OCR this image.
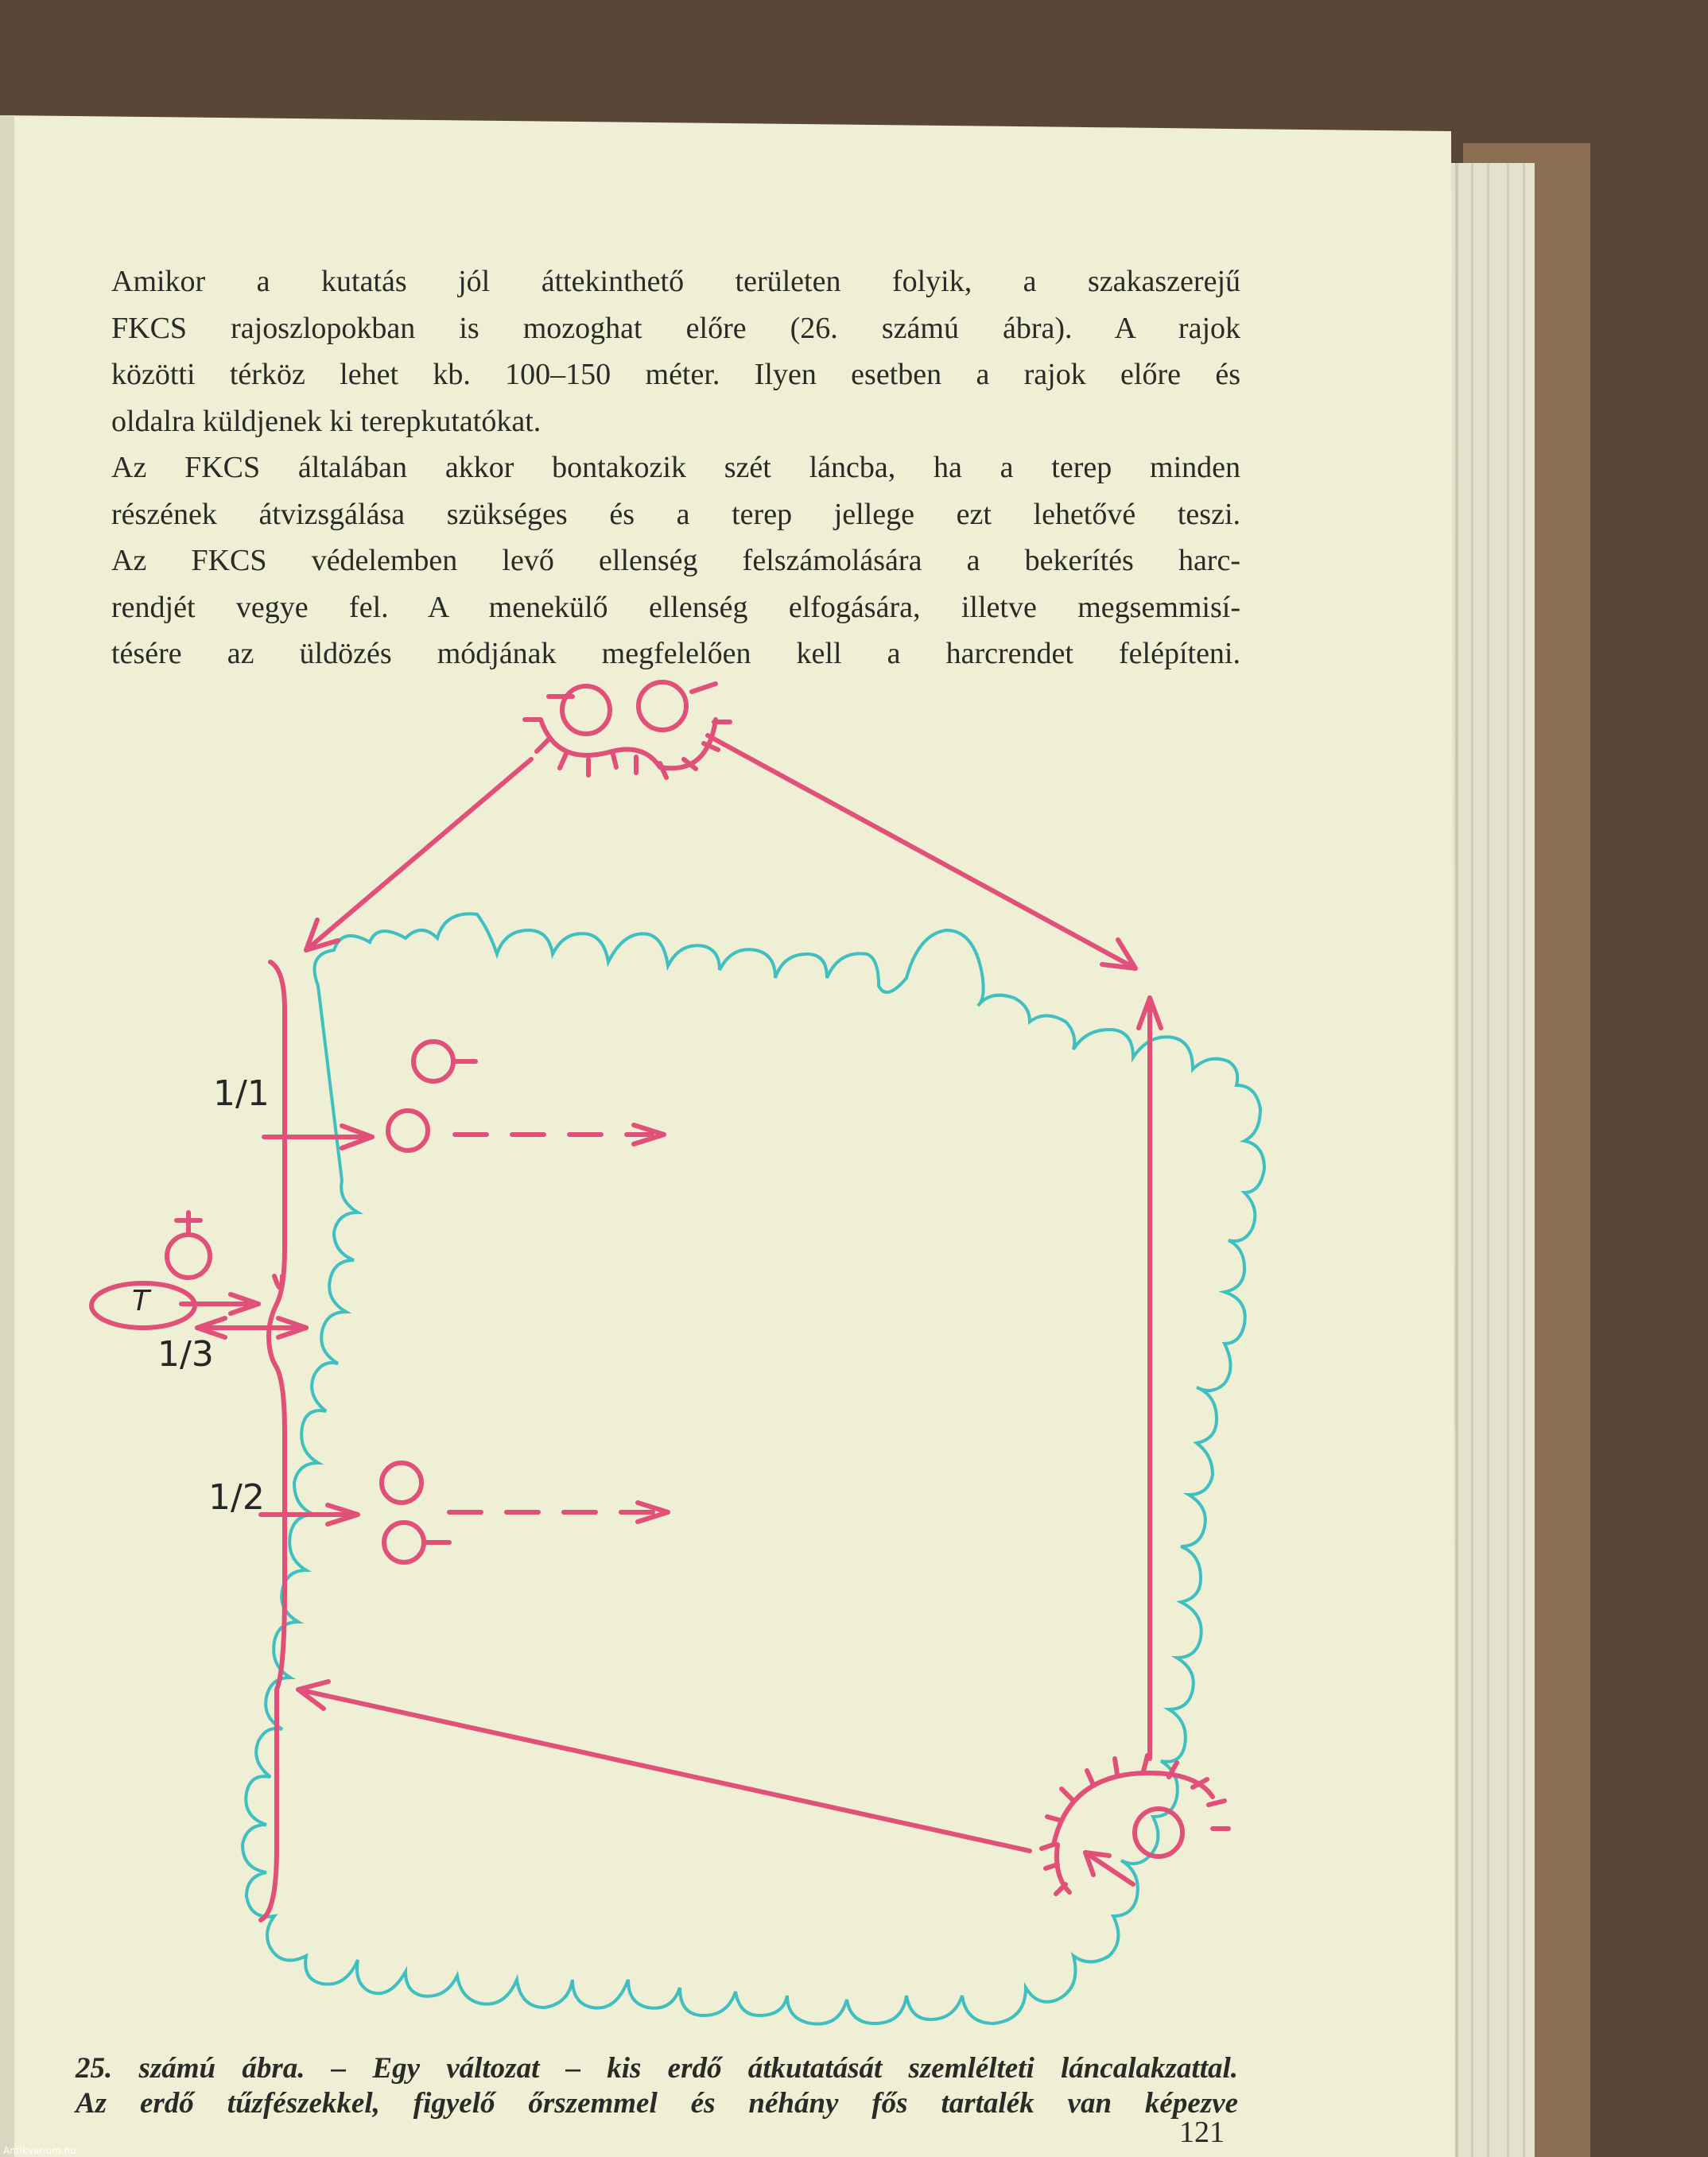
Amikor a kutatás jól áttekinthető területen folyik, a szakaszerejű

FKCS rajoszlopokban is mozoghat előre (26. számú ábra). A rajok

közötti térköz lehet kb. 100–150 méter. Ilyen esetben a rajok előre és

oldalra küldjenek ki terepkutatókat.

Az FKCS általában akkor bontakozik szét láncba, ha a terep minden

részének átvizsgálása szükséges és a terep jellege ezt lehetővé teszi.

Az FKCS védelemben levő ellenség felszámolására a bekerítés harc-

rendjét vegye fel. A menekülő ellenség elfogására, illetve megsemmisí-

tésére az üldözés módjának megfelelően kell a harcrendet felépíteni.

1/1
1/3
1/2
T

25. számú ábra. – Egy változat – kis erdő átkutatását szemlélteti láncalakzattal.

Az erdő tűzfészekkel, figyelő őrszemmel és néhány fős tartalék van képezve

121
Antikvarium.hu
